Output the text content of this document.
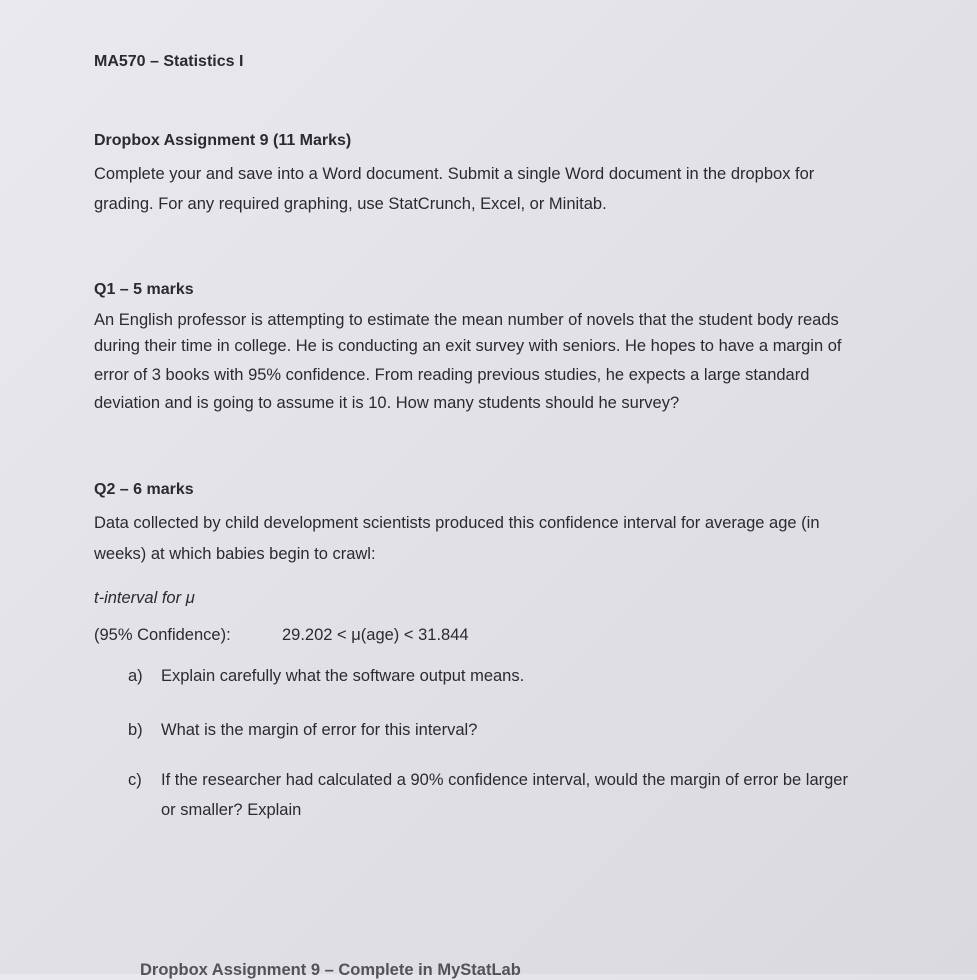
MA570 – Statistics I
Dropbox Assignment 9 (11 Marks)
Complete your and save into a Word document. Submit a single Word document in the dropbox for
grading. For any required graphing, use StatCrunch, Excel, or Minitab.
Q1 – 5 marks
An English professor is attempting to estimate the mean number of novels that the student body reads
during their time in college. He is conducting an exit survey with seniors. He hopes to have a margin of
error of 3 books with 95% confidence. From reading previous studies, he expects a large standard
deviation and is going to assume it is 10. How many students should he survey?
Q2 – 6 marks
Data collected by child development scientists produced this confidence interval for average age (in
weeks) at which babies begin to crawl:
t-interval for μ
(95% Confidence):	29.202 < μ(age) < 31.844
a) Explain carefully what the software output means.
b) What is the margin of error for this interval?
c) If the researcher had calculated a 90% confidence interval, would the margin of error be larger
or smaller? Explain
Dropbox Assignment 9 – Complete in MyStatLab
